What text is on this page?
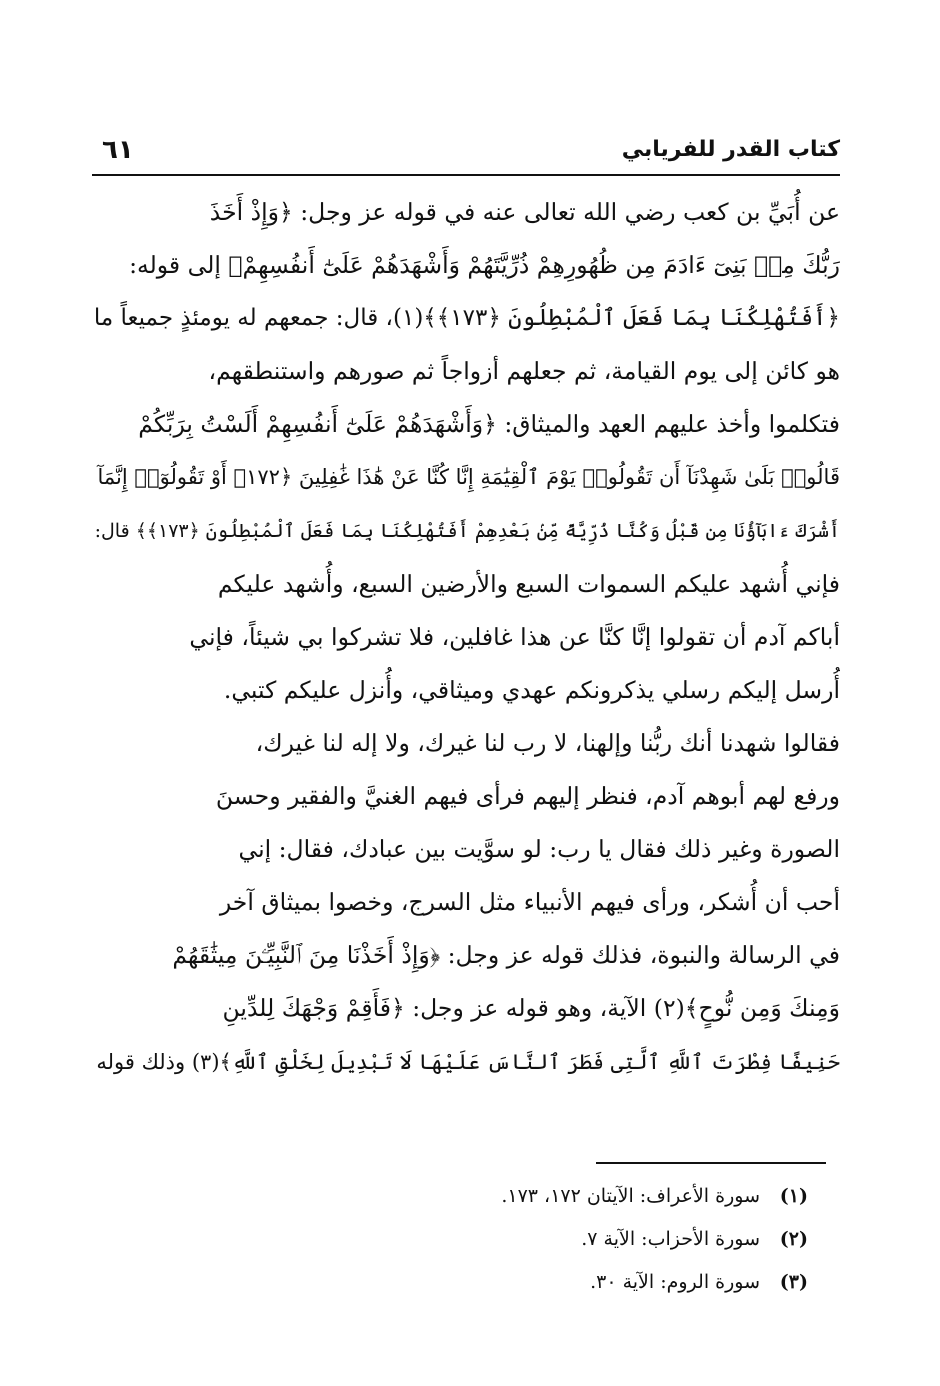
كتاب القدر للفريابي
٦١
عن أُبَيِّ بن كعب رضي الله تعالى عنه في قوله عز وجل: ﴿وَإِذْ أَخَذَ
رَبُّكَ مِنۢ بَنِىٓ ءَادَمَ مِن ظُهُورِهِمْ ذُرِّيَّتَهُمْ وَأَشْهَدَهُمْ عَلَىٰٓ أَنفُسِهِمْ﴾ إلى قوله:
﴿أَفَتُهْلِكُنَا بِمَا فَعَلَ ٱلْمُبْطِلُونَ ﴿١٧٣﴾﴾(١)، قال: جمعهم له يومئذٍ جميعاً ما
هو كائن إلى يوم القيامة، ثم جعلهم أزواجاً ثم صورهم واستنطقهم،
فتكلموا وأخذ عليهم العهد والميثاق: ﴿وَأَشْهَدَهُمْ عَلَىٰٓ أَنفُسِهِمْ أَلَسْتُ بِرَبِّكُمْ
قَالُوا۟ بَلَىٰ شَهِدْنَآ أَن تَقُولُوا۟ يَوْمَ ٱلْقِيَٰمَةِ إِنَّا كُنَّا عَنْ هَٰذَا غَٰفِلِينَ ﴿١٧٢﴾ أَوْ تَقُولُوٓا۟ إِنَّمَآ
أَشْرَكَ ءَابَآؤُنَا مِن قَبْلُ وَكُنَّا ذُرِّيَّةً مِّنۢ بَعْدِهِمْ أَفَتُهْلِكُنَا بِمَا فَعَلَ ٱلْمُبْطِلُونَ ﴿١٧٣﴾﴾ قال:
فإني أُشهد عليكم السموات السبع والأرضين السبع، وأُشهد عليكم
أباكم آدم أن تقولوا إنَّا كنَّا عن هذا غافلين، فلا تشركوا بي شيئاً، فإني
أُرسل إليكم رسلي يذكرونكم عهدي وميثاقي، وأُنزل عليكم كتبي.
فقالوا شهدنا أنك ربُّنا وإلهنا، لا رب لنا غيرك، ولا إله لنا غيرك،
ورفع لهم أبوهم آدم، فنظر إليهم فرأى فيهم الغنيَّ والفقير وحسنَ
الصورة وغير ذلك فقال يا رب: لو سوَّيت بين عبادك، فقال: إني
أحب أن أُشكر، ورأى فيهم الأنبياء مثل السرج، وخصوا بميثاق آخر
في الرسالة والنبوة، فذلك قوله عز وجل: ﴿وَإِذْ أَخَذْنَا مِنَ ٱلنَّبِيِّـۧنَ مِيثَٰقَهُمْ
وَمِنكَ وَمِن نُّوحٍ﴾(٢) الآية، وهو قوله عز وجل: ﴿فَأَقِمْ وَجْهَكَ لِلدِّينِ
حَنِيفًا فِطْرَتَ ٱللَّهِ ٱلَّتِى فَطَرَ ٱلنَّاسَ عَلَيْهَا لَا تَبْدِيلَ لِخَلْقِ ٱللَّهِ﴾(٣) وذلك قوله
(١)سورة الأعراف: الآيتان ١٧٢، ١٧٣.
(٢)سورة الأحزاب: الآية ٧.
(٣)سورة الروم: الآية ٣٠.
